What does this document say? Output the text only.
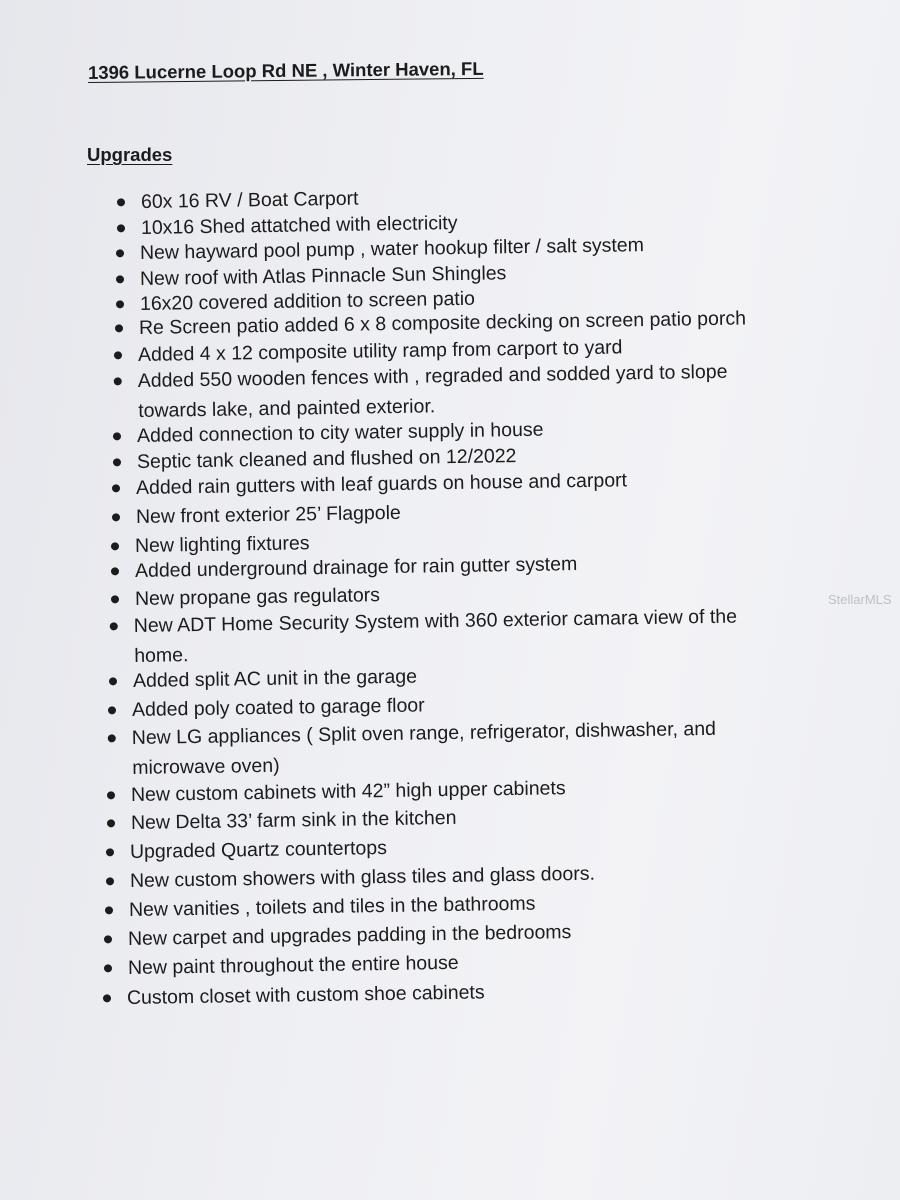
1396 Lucerne Loop Rd NE , Winter Haven, FL
Upgrades
60x 16 RV / Boat Carport
10x16 Shed attatched with electricity
New hayward pool pump , water hookup filter / salt system
New roof with Atlas Pinnacle Sun Shingles
16x20 covered addition to screen patio
Re Screen patio added 6 x 8 composite decking on screen patio porch
Added 4 x 12 composite utility ramp from carport to yard
Added 550 wooden fences with , regraded and sodded yard to slope
towards lake, and painted exterior.
Added connection to city water supply in house
Septic tank cleaned and flushed on 12/2022
Added rain gutters with leaf guards on house and carport
New front exterior 25’ Flagpole
New lighting fixtures
Added underground drainage for rain gutter system
New propane gas regulators
New ADT Home Security System with 360 exterior camara view of the
home.
Added split AC unit in the garage
Added poly coated to garage floor
New LG appliances ( Split oven range, refrigerator, dishwasher, and
microwave oven)
New custom cabinets with 42” high upper cabinets
New Delta 33’ farm sink in the kitchen
Upgraded Quartz countertops
New custom showers with glass tiles and glass doors.
New vanities , toilets and tiles in the bathrooms
New carpet and upgrades padding in the bedrooms
New paint throughout the entire house
Custom closet with custom shoe cabinets
StellarMLS
